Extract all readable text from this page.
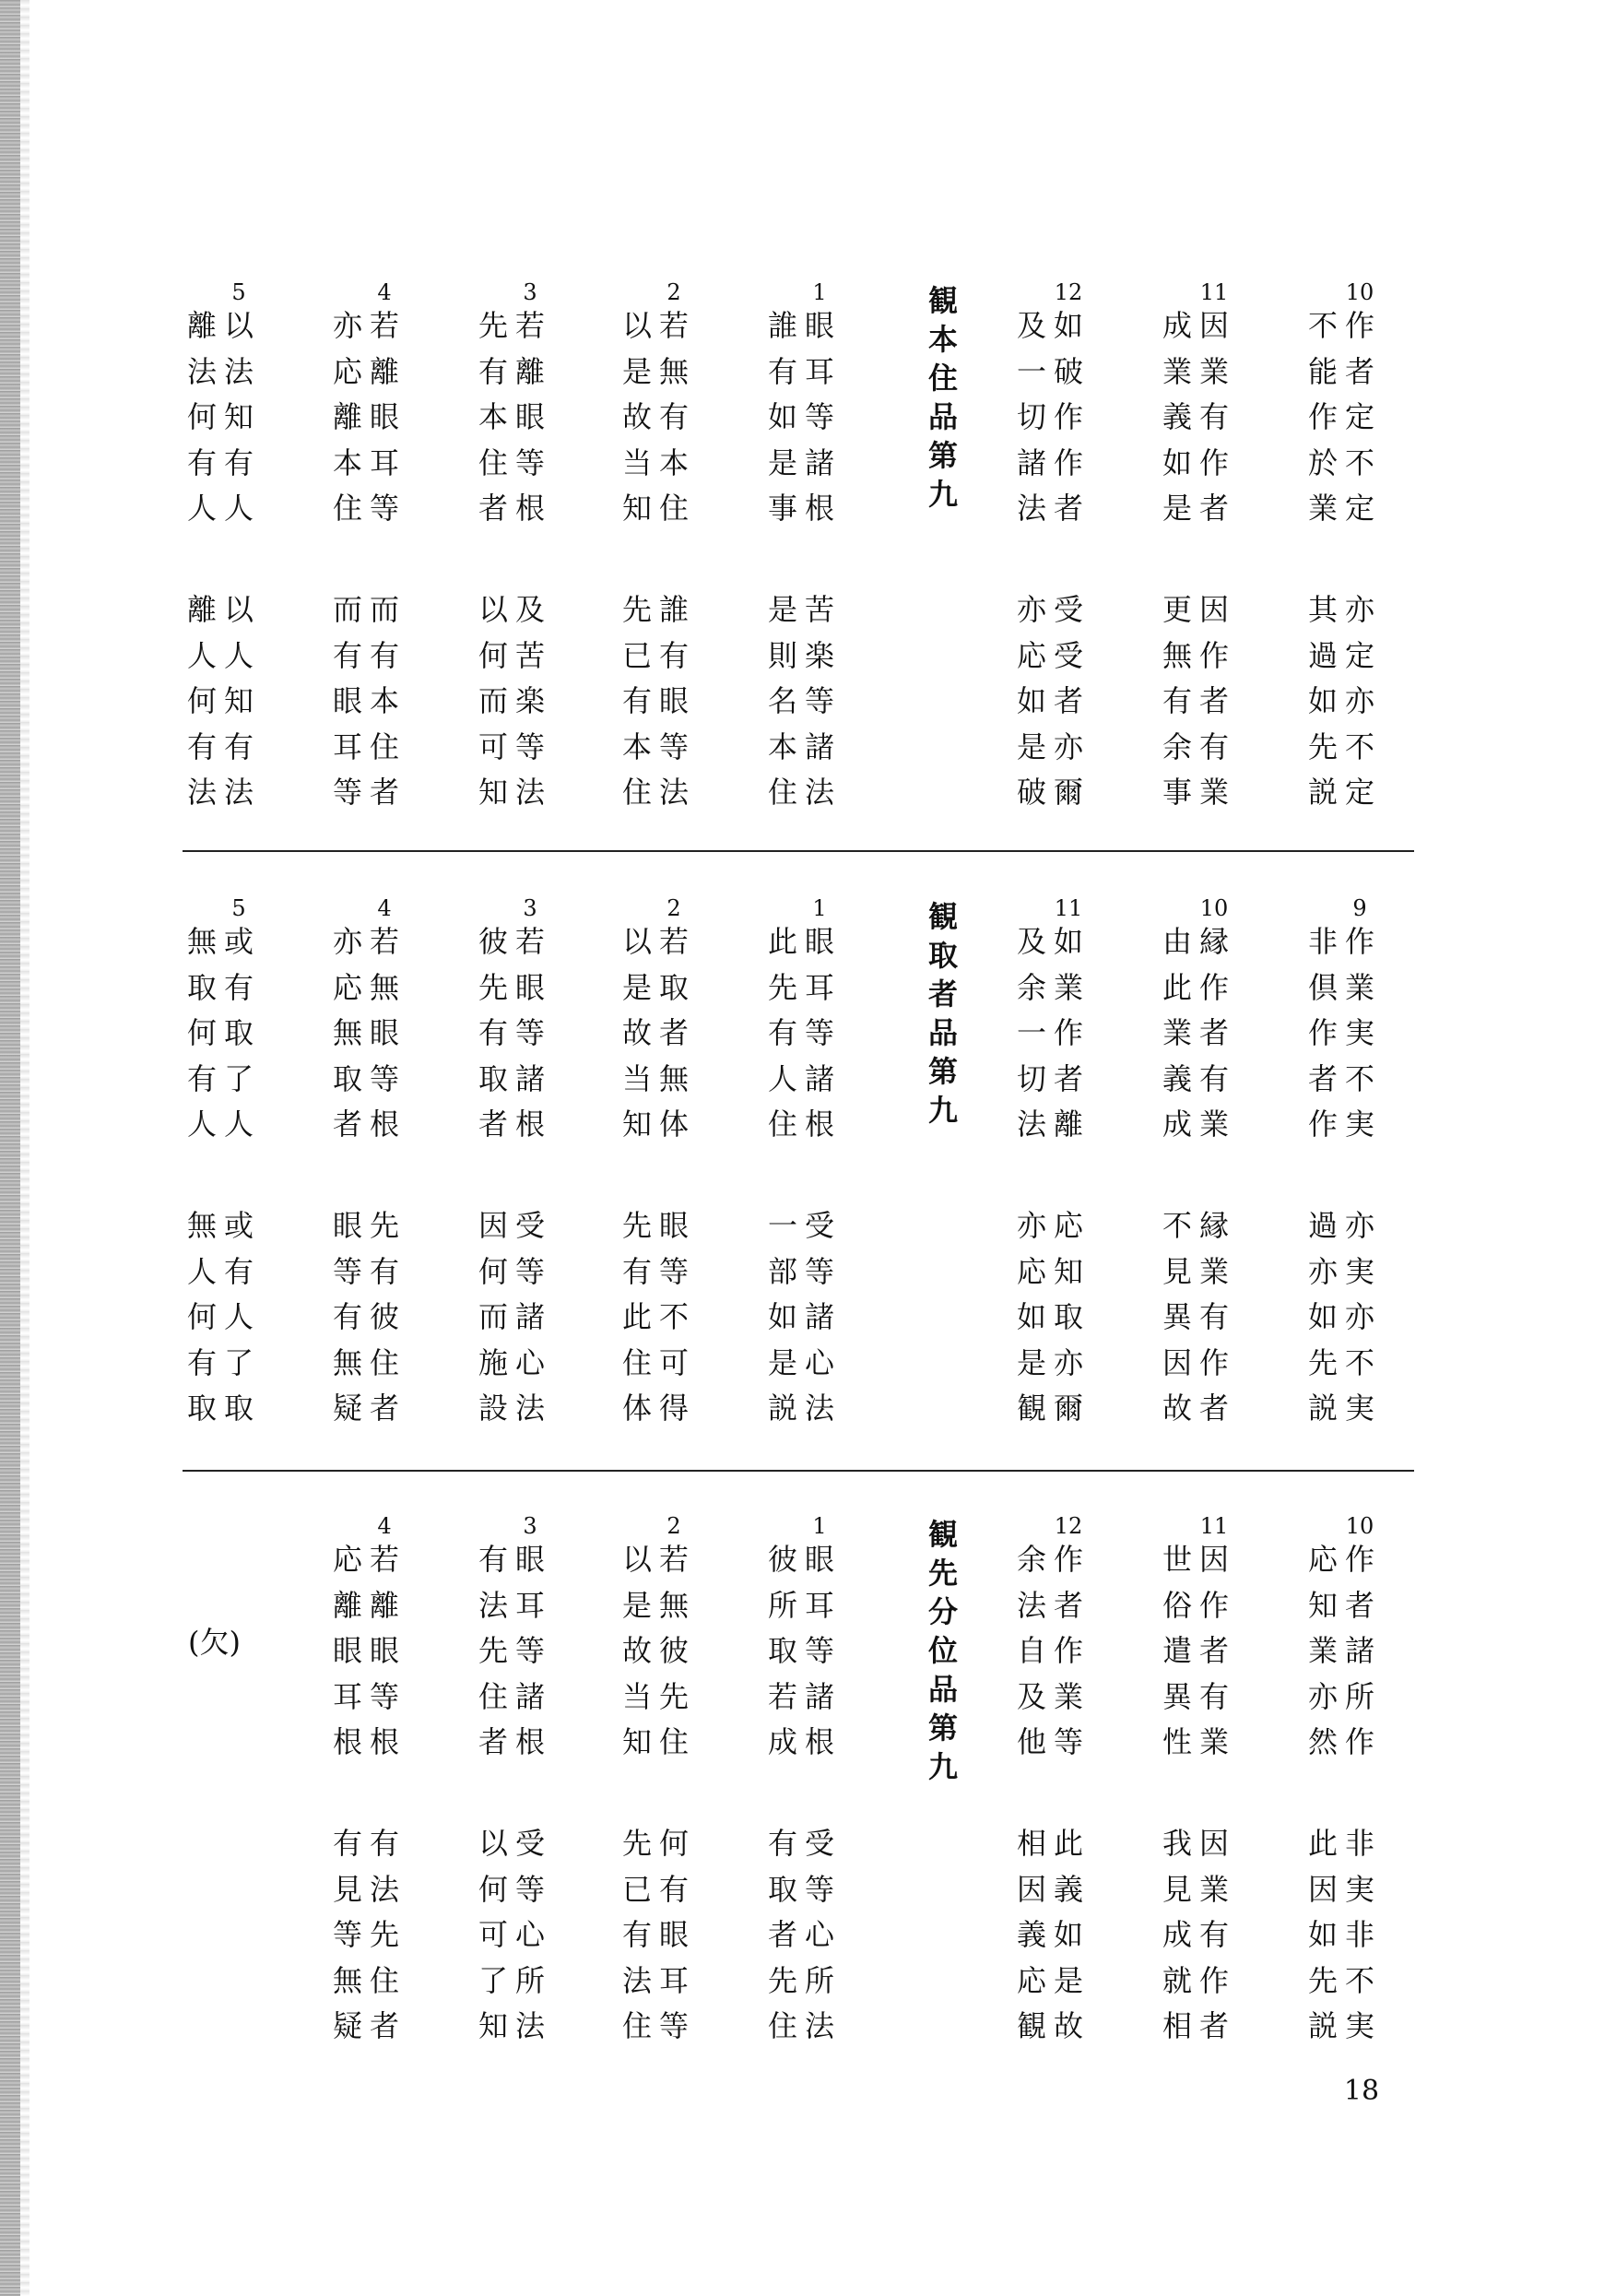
10
作者定不定
亦定亦不定
不能作於業
其過如先説
11
因業有作者
因作者有業
成業義如是
更無有余事
12
如破作作者
受受者亦爾
及一切諸法
亦応如是破
観本住品第九
1
眼耳等諸根
苦楽等諸法
誰有如是事
是則名本住
2
若無有本住
誰有眼等法
以是故当知
先已有本住
3
若離眼等根
及苦楽等法
先有本住者
以何而可知
4
若離眼耳等
而有本住者
亦応離本住
而有眼耳等
5
以法知有人
以人知有法
離法何有人
離人何有法
9
作業実不実
亦実亦不実
非倶作者作
過亦如先説
10
縁作者有業
縁業有作者
由此業義成
不見異因故
11
如業作者離
応知取亦爾
及余一切法
亦応如是観
観取者品第九
1
眼耳等諸根
受等諸心法
此先有人住
一部如是説
2
若取者無体
眼等不可得
以是故当知
先有此住体
3
若眼等諸根
受等諸心法
彼先有取者
因何而施設
4
若無眼等根
先有彼住者
亦応無取者
眼等有無疑
5
或有取了人
或有人了取
無取何有人
無人何有取
10
作者諸所作
非実非不実
応知業亦然
此因如先説
11
因作者有業
因業有作者
世俗遣異性
我見成就相
12
作者作業等
此義如是故
余法自及他
相因義応観
観先分位品第九
1
眼耳等諸根
受等心所法
彼所取若成
有取者先住
2
若無彼先住
何有眼耳等
以是故当知
先已有法住
3
眼耳等諸根
受等心所法
有法先住者
以何可了知
4
若離眼等根
有法先住者
応離眼耳根
有見等無疑
(欠)
18
